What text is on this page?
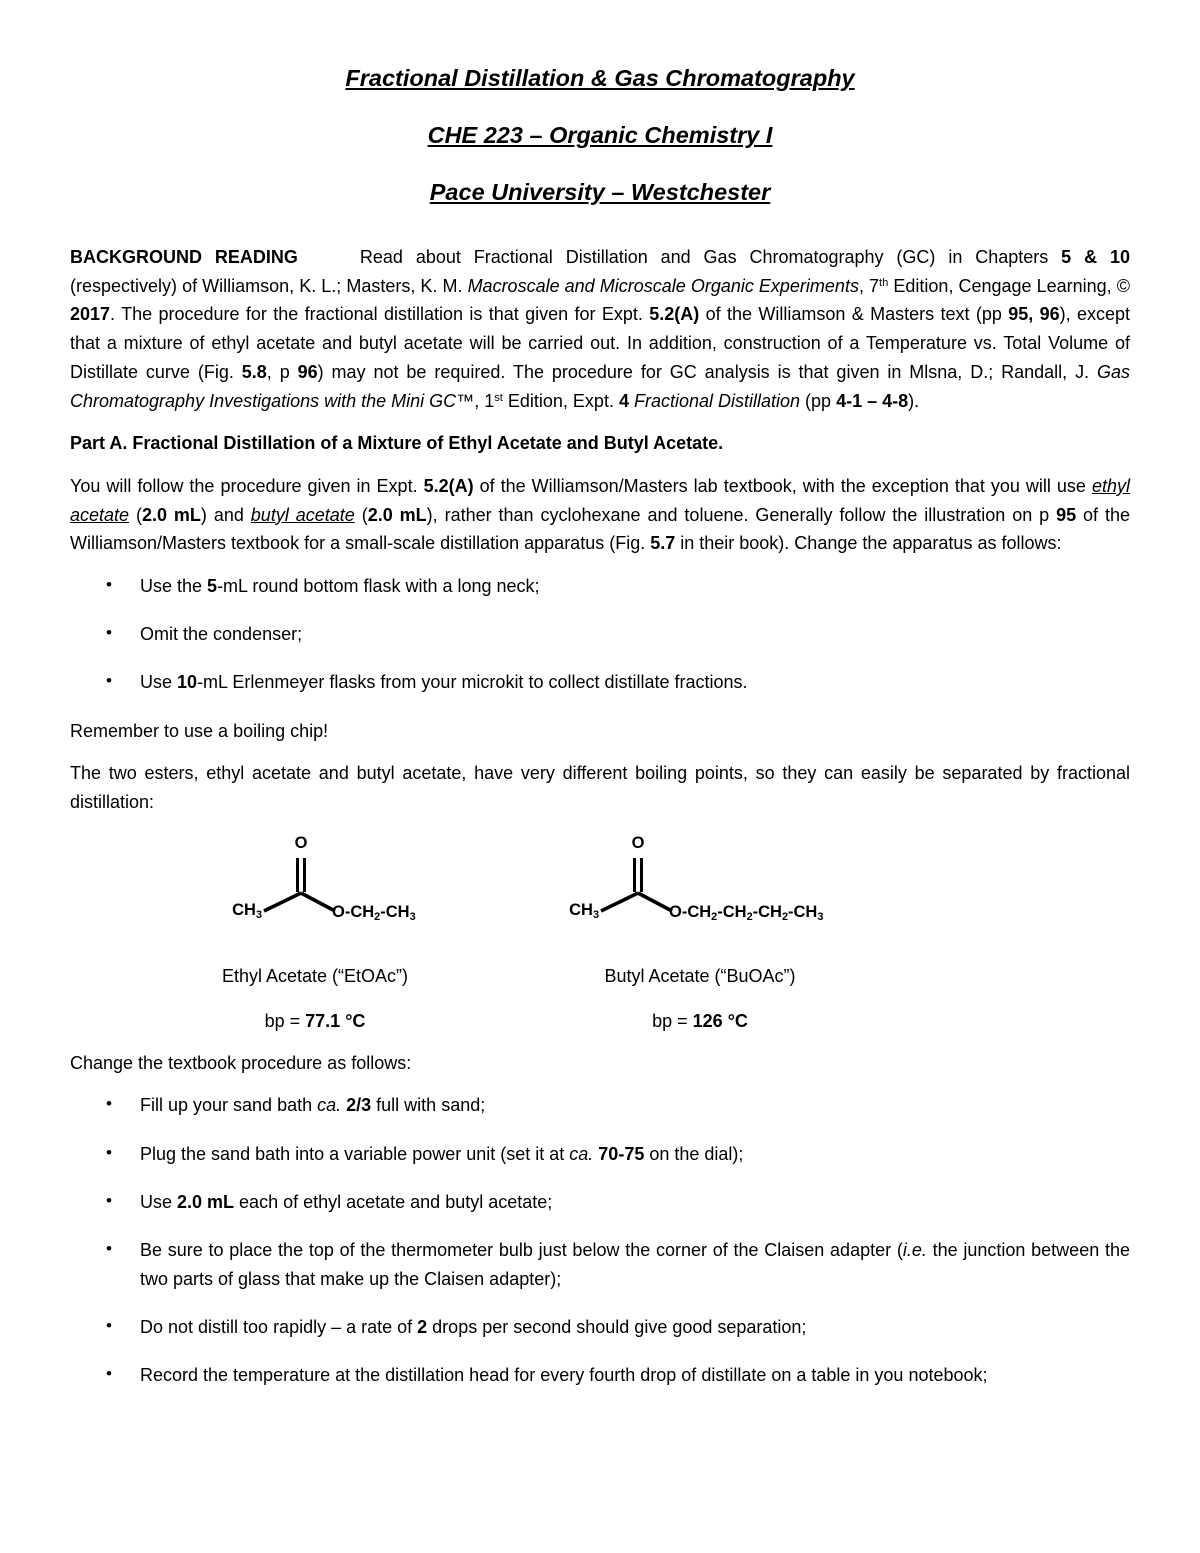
Fractional Distillation & Gas Chromatography
CHE 223 – Organic Chemistry I
Pace University – Westchester

BACKGROUND READING	Read about Fractional Distillation and Gas Chromatography (GC) in Chapters 5 & 10 (respectively) of Williamson, K. L.; Masters, K. M. Macroscale and Microscale Organic Experiments, 7th Edition, Cengage Learning, © 2017. The procedure for the fractional distillation is that given for Expt. 5.2(A) of the Williamson & Masters text (pp 95, 96), except that a mixture of ethyl acetate and butyl acetate will be carried out. In addition, construction of a Temperature vs. Total Volume of Distillate curve (Fig. 5.8, p 96) may not be required. The procedure for GC analysis is that given in Mlsna, D.; Randall, J. Gas Chromatography Investigations with the Mini GC™, 1st Edition, Expt. 4 Fractional Distillation (pp 4-1 – 4-8).

Part A. Fractional Distillation of a Mixture of Ethyl Acetate and Butyl Acetate.

You will follow the procedure given in Expt. 5.2(A) of the Williamson/Masters lab textbook, with the exception that you will use ethyl acetate (2.0 mL) and butyl acetate (2.0 mL), rather than cyclohexane and toluene. Generally follow the illustration on p 95 of the Williamson/Masters textbook for a small-scale distillation apparatus (Fig. 5.7 in their book). Change the apparatus as follows:

• Use the 5-mL round bottom flask with a long neck;
• Omit the condenser;
• Use 10-mL Erlenmeyer flasks from your microkit to collect distillate fractions.

Remember to use a boiling chip!

The two esters, ethyl acetate and butyl acetate, have very different boiling points, so they can easily be separated by fractional distillation:

O
CH3	O-CH2-CH3
Ethyl Acetate (“EtOAc”)
bp = 77.1 °C
O
CH3	O-CH2-CH2-CH2-CH3
Butyl Acetate (“BuOAc”)
bp = 126 °C

Change the textbook procedure as follows:

• Fill up your sand bath ca. 2/3 full with sand;
• Plug the sand bath into a variable power unit (set it at ca. 70-75 on the dial);
• Use 2.0 mL each of ethyl acetate and butyl acetate;
• Be sure to place the top of the thermometer bulb just below the corner of the Claisen adapter (i.e. the junction between the two parts of glass that make up the Claisen adapter);
• Do not distill too rapidly – a rate of 2 drops per second should give good separation;
• Record the temperature at the distillation head for every fourth drop of distillate on a table in you notebook;
